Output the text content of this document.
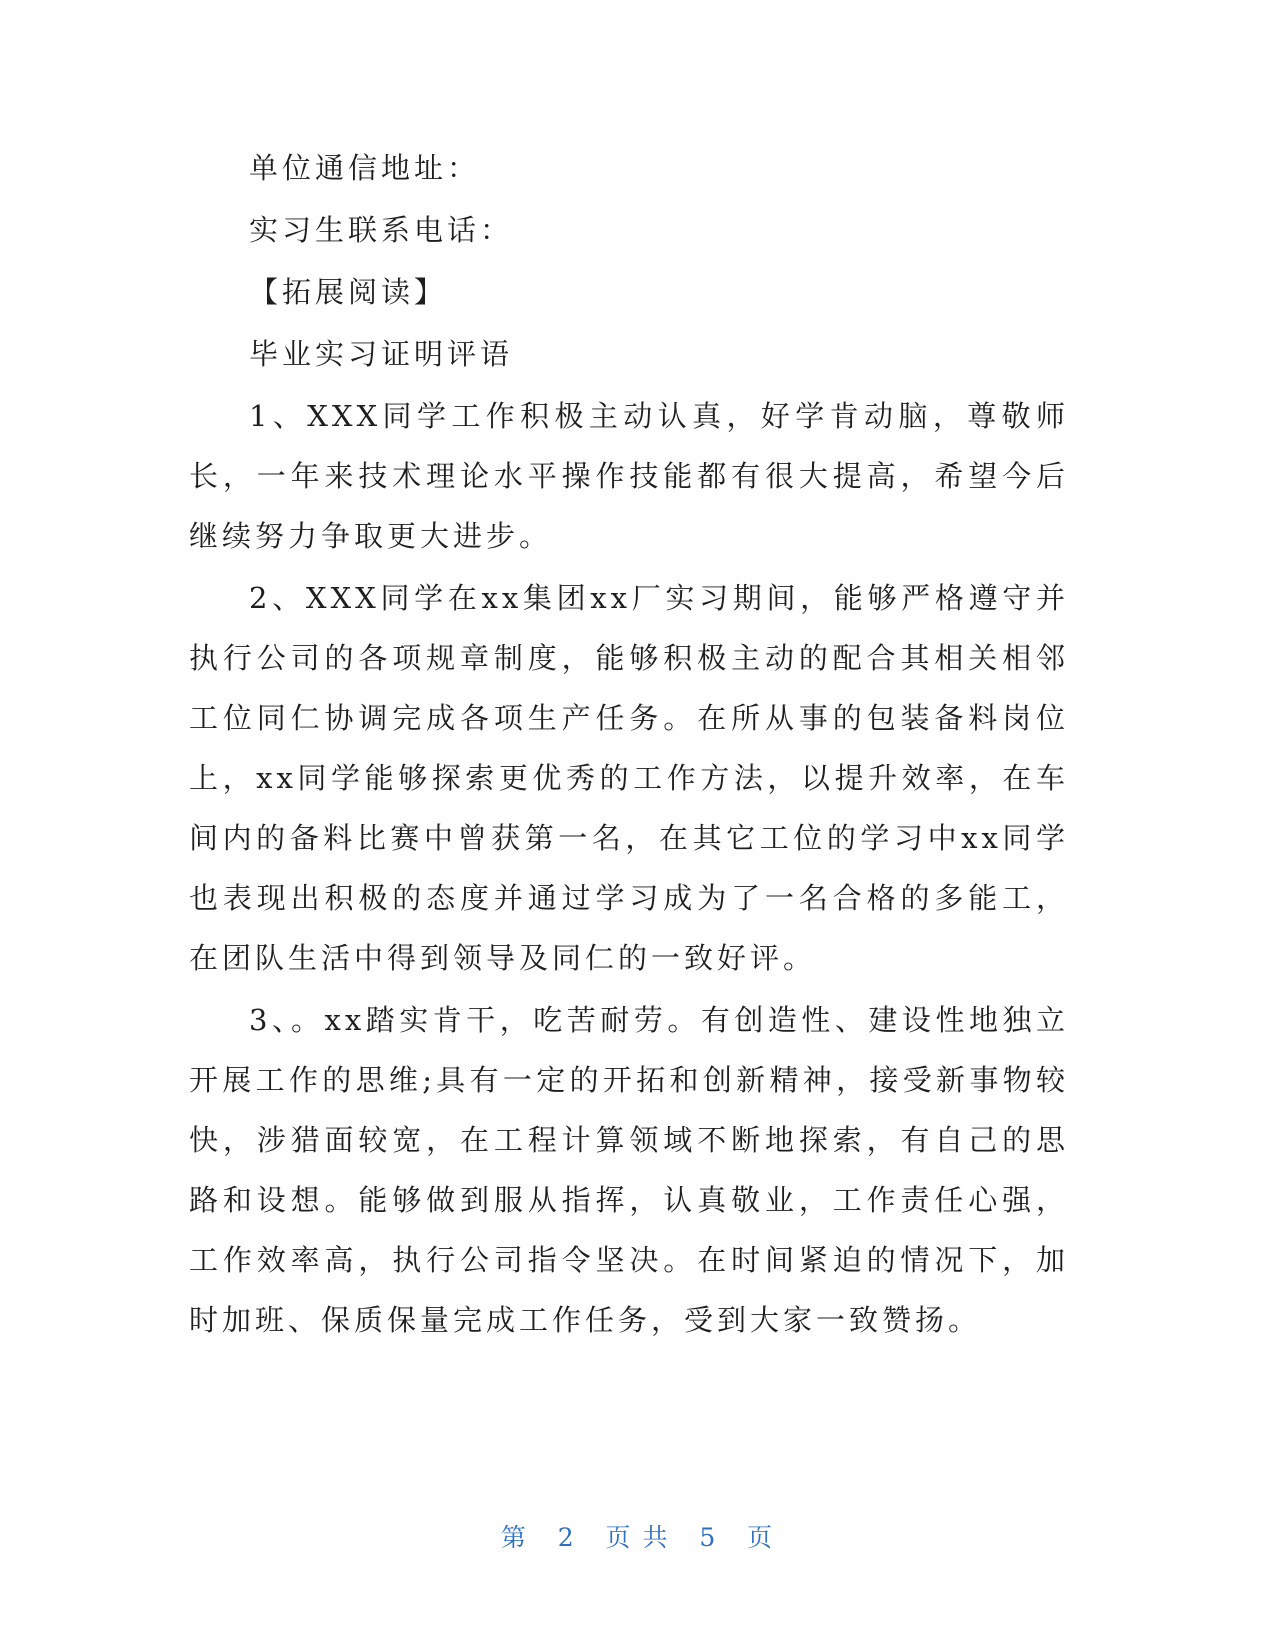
单位通信地址：

实习生联系电话：

【拓展阅读】

毕业实习证明评语

1、XXX同学工作积极主动认真，好学肯动脑，尊敬师长，一年来技术理论水平操作技能都有很大提高，希望今后继续努力争取更大进步。

2、XXX同学在xx集团xx厂实习期间，能够严格遵守并执行公司的各项规章制度，能够积极主动的配合其相关相邻工位同仁协调完成各项生产任务。在所从事的包装备料岗位上，xx同学能够探索更优秀的工作方法，以提升效率，在车间内的备料比赛中曾获第一名，在其它工位的学习中xx同学也表现出积极的态度并通过学习成为了一名合格的多能工，在团队生活中得到领导及同仁的一致好评。

3、。xx踏实肯干，吃苦耐劳。有创造性、建设性地独立开展工作的思维;具有一定的开拓和创新精神，接受新事物较快，涉猎面较宽，在工程计算领域不断地探索，有自己的思路和设想。能够做到服从指挥，认真敬业，工作责任心强，工作效率高，执行公司指令坚决。在时间紧迫的情况下，加时加班、保质保量完成工作任务，受到大家一致赞扬。

第 2 页 共 5 页
